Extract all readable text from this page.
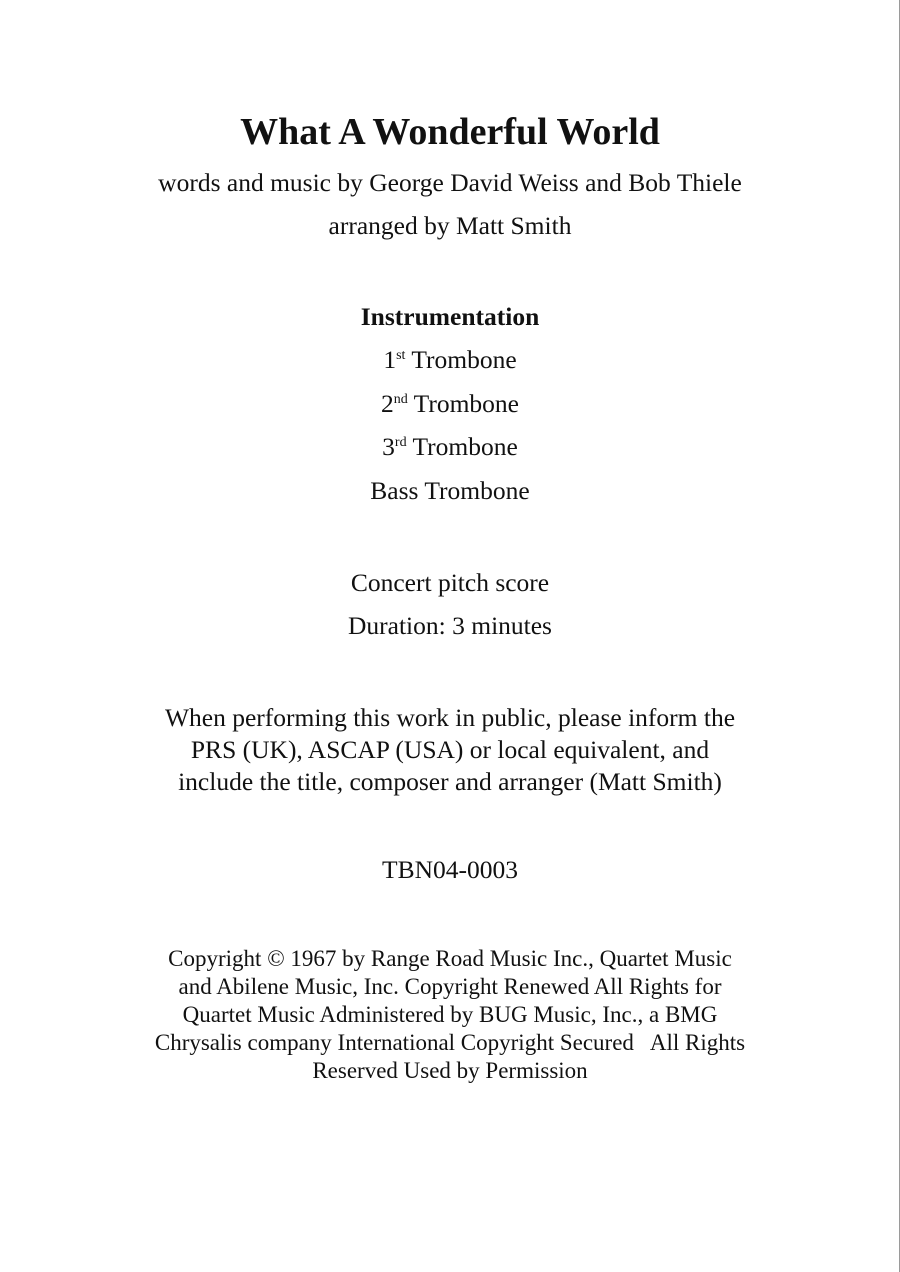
What A Wonderful World
words and music by George David Weiss and Bob Thiele
arranged by Matt Smith
Instrumentation
1st Trombone
2nd Trombone
3rd Trombone
Bass Trombone
Concert pitch score
Duration: 3 minutes
When performing this work in public, please inform the
PRS (UK), ASCAP (USA) or local equivalent, and
include the title, composer and arranger (Matt Smith)
TBN04-0003
Copyright © 1967 by Range Road Music Inc., Quartet Music
and Abilene Music, Inc. Copyright Renewed All Rights for
Quartet Music Administered by BUG Music, Inc., a BMG
Chrysalis company International Copyright Secured   All Rights
Reserved Used by Permission
